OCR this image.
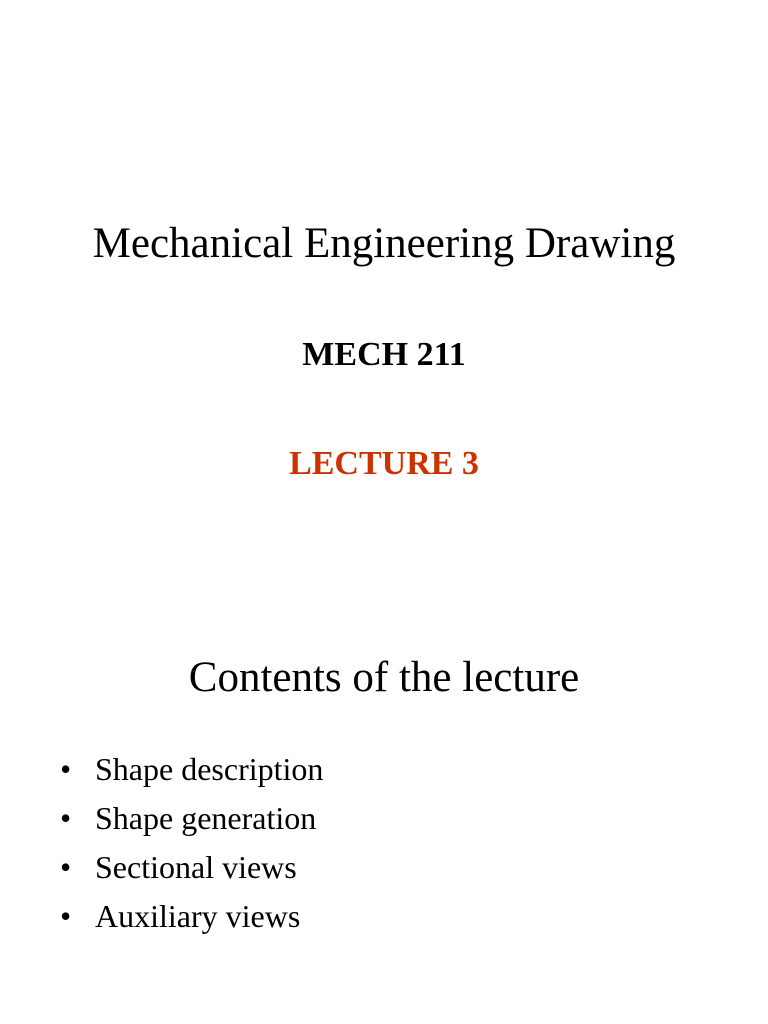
Mechanical Engineering Drawing
MECH 211
LECTURE 3
Contents of the lecture
• Shape description
• Shape generation
• Sectional views
• Auxiliary views
